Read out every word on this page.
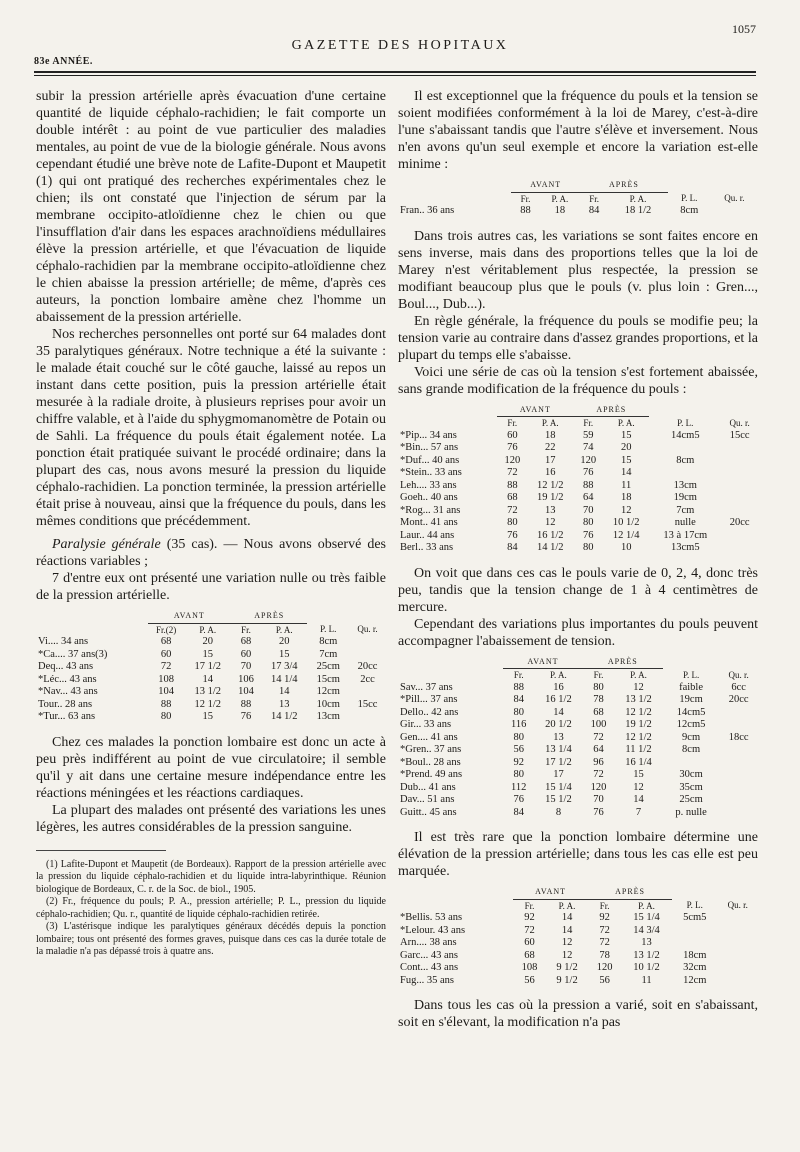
1057
GAZETTE DES HOPITAUX
83e ANNÉE.

subir la pression artérielle après évacuation d'une certaine quantité de liquide céphalo-rachidien; le fait comporte un double intérêt : au point de vue particulier des maladies mentales, au point de vue de la biologie générale. Nous avons cependant étudié une brève note de Lafite-Dupont et Maupetit (1) qui ont pratiqué des recherches expérimentales chez le chien; ils ont constaté que l'injection de sérum par la membrane occipito-atloïdienne chez le chien ou que l'insufflation d'air dans les espaces arachnoïdiens médullaires élève la pression artérielle, et que l'évacuation de liquide céphalo-rachidien par la membrane occipito-atloïdienne chez le chien abaisse la pression artérielle; de même, d'après ces auteurs, la ponction lombaire amène chez l'homme un abaissement de la pression artérielle.

Nos recherches personnelles ont porté sur 64 malades dont 35 paralytiques généraux. Notre technique a été la suivante : le malade était couché sur le côté gauche, laissé au repos un instant dans cette position, puis la pression artérielle était mesurée à la radiale droite, à plusieurs reprises pour avoir un chiffre valable, et à l'aide du sphygmomanomètre de Potain ou de Sahli. La fréquence du pouls était également notée. La ponction était pratiquée suivant le procédé ordinaire; dans la plupart des cas, nous avons mesuré la pression du liquide céphalo-rachidien. La ponction terminée, la pression artérielle était prise à nouveau, ainsi que la fréquence du pouls, dans les mêmes conditions que précédemment.

Paralysie générale (35 cas). — Nous avons observé des réactions variables ;

7 d'entre eux ont présenté une variation nulle ou très faible de la pression artérielle.

	AVANT		APRÈS			
	Fr.(2)	P. A.	Fr.	P. A.	P. L.	Qu. r.
Vi.... 34 ans	68	20	68	20	8cm	
*Ca.... 37 ans(3)	60	15	60	15	7cm	
Deq... 43 ans	72	17 1/2	70	17 3/4	25cm	20cc
*Léc... 43 ans	108	14	106	14 1/4	15cm	2cc
*Nav... 43 ans	104	13 1/2	104	14	12cm	
Tour.. 28 ans	88	12 1/2	88	13	10cm	15cc
*Tur... 63 ans	80	15	76	14 1/2	13cm	

Chez ces malades la ponction lombaire est donc un acte à peu près indifférent au point de vue circulatoire; il semble qu'il y ait dans une certaine mesure indépendance entre les réactions méningées et les réactions cardiaques.

La plupart des malades ont présenté des variations les unes légères, les autres considérables de la pression sanguine.

(1) Lafite-Dupont et Maupetit (de Bordeaux). Rapport de la pression artérielle avec la pression du liquide céphalo-rachidien et du liquide intra-labyrinthique. Réunion biologique de Bordeaux, C. r. de la Soc. de biol., 1905.

(2) Fr., fréquence du pouls; P. A., pression artérielle; P. L., pression du liquide céphalo-rachidien; Qu. r., quantité de liquide céphalo-rachidien retirée.

(3) L'astérisque indique les paralytiques généraux décédés depuis la ponction lombaire; tous ont présenté des formes graves, puisque dans ces cas la durée totale de la maladie n'a pas dépassé trois à quatre ans.

Il est exceptionnel que la fréquence du pouls et la tension se soient modifiées conformément à la loi de Marey, c'est-à-dire l'une s'abaissant tandis que l'autre s'élève et inversement. Nous n'en avons qu'un seul exemple et encore la variation est-elle minime :

	AVANT		APRÈS			
	Fr.	P. A.	Fr.	P. A.	P. L.	Qu. r.
Fran.. 36 ans	88	18	84	18 1/2	8cm	

Dans trois autres cas, les variations se sont faites encore en sens inverse, mais dans des proportions telles que la loi de Marey n'est véritablement plus respectée, la pression se modifiant beaucoup plus que le pouls (v. plus loin : Gren..., Boul..., Dub...).

En règle générale, la fréquence du pouls se modifie peu; la tension varie au contraire dans d'assez grandes proportions, et la plupart du temps elle s'abaisse.

Voici une série de cas où la tension s'est fortement abaissée, sans grande modification de la fréquence du pouls :

	AVANT		APRÈS			
	Fr.	P. A.	Fr.	P. A.	P. L.	Qu. r.
*Pip... 34 ans	60	18	59	15	14cm5	15cc
*Bin... 57 ans	76	22	74	20		
*Duf... 40 ans	120	17	120	15	8cm	
*Stein.. 33 ans	72	16	76	14		
Leh.... 33 ans	88	12 1/2	88	11	13cm	
Goeh.. 40 ans	68	19 1/2	64	18	19cm	
*Rog... 31 ans	72	13	70	12	7cm	
Mont.. 41 ans	80	12	80	10 1/2	nulle	20cc
Laur.. 44 ans	76	16 1/2	76	12 1/4	13 à 17cm	
Berl.. 33 ans	84	14 1/2	80	10	13cm5	

On voit que dans ces cas le pouls varie de 0, 2, 4, donc très peu, tandis que la tension change de 1 à 4 centimètres de mercure.

Cependant des variations plus importantes du pouls peuvent accompagner l'abaissement de tension.

	AVANT		APRÈS			
	Fr.	P. A.	Fr.	P. A.	P. L.	Qu. r.
Sav... 37 ans	88	16	80	12	faible	6cc
*Pill... 37 ans	84	16 1/2	78	13 1/2	19cm	20cc
Dello.. 42 ans	80	14	68	12 1/2	14cm5	
Gir... 33 ans	116	20 1/2	100	19 1/2	12cm5	
Gen.... 41 ans	80	13	72	12 1/2	9cm	18cc
*Gren.. 37 ans	56	13 1/4	64	11 1/2	8cm	
*Boul.. 28 ans	92	17 1/2	96	16 1/4		
*Prend. 49 ans	80	17	72	15	30cm	
Dub... 41 ans	112	15 1/4	120	12	35cm	
Dav... 51 ans	76	15 1/2	70	14	25cm	
Guitt.. 45 ans	84	8	76	7	p. nulle	

Il est très rare que la ponction lombaire détermine une élévation de la pression artérielle; dans tous les cas elle est peu marquée.

	AVANT		APRÈS			
	Fr.	P. A.	Fr.	P. A.	P. L.	Qu. r.
*Bellis. 53 ans	92	14	92	15 1/4	5cm5	
*Lelour. 43 ans	72	14	72	14 3/4		
Arn.... 38 ans	60	12	72	13		
Garc... 43 ans	68	12	78	13 1/2	18cm	
Cont... 43 ans	108	9 1/2	120	10 1/2	32cm	
Fug... 35 ans	56	9 1/2	56	11	12cm	

Dans tous les cas où la pression a varié, soit en s'abaissant, soit en s'élevant, la modification n'a pas
